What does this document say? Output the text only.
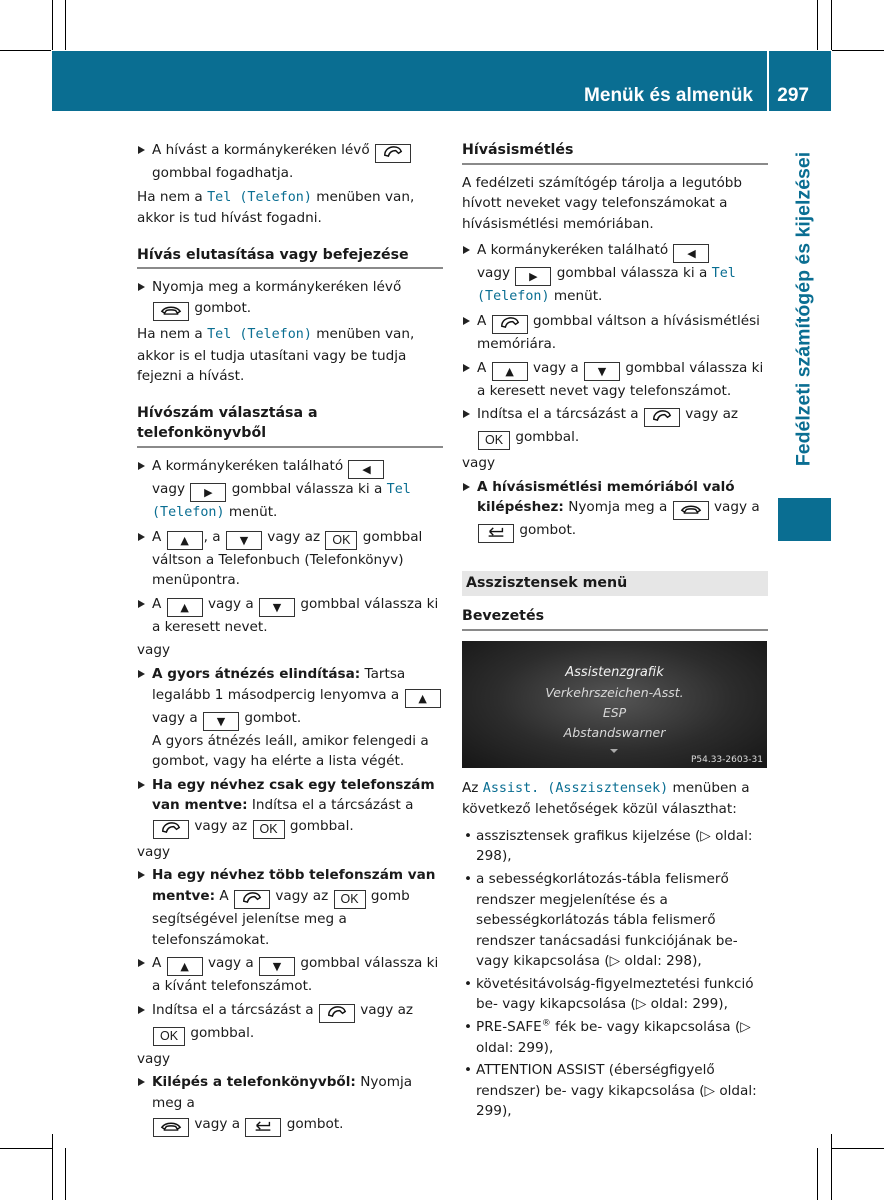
Menük és almenük 297
Fedélzeti számítógép és kijelzései

A hívást a kormánykeréken lévő  gombbal fogadhatja.

Ha nem a Tel (Telefon) menüben van, akkor is tud hívást fogadni.

Hívás elutasítása vagy befejezése

Nyomja meg a kormánykeréken lévő  gombot.

Ha nem a Tel (Telefon) menüben van, akkor is el tudja utasítani vagy be tudja fejezni a hívást.

Hívószám választása a telefonkönyvből

A kormánykeréken található ◀
vagy ▶ gombbal válassza ki a Tel (Telefon) menüt.

A ▲ , a ▼ vagy az OK gombbal váltson a Telefonbuch (Telefonkönyv) menüpontra.

A ▲ vagy a ▼ gombbal válassza ki a keresett nevet.

vagy

A gyors átnézés elindítása: Tartsa legalább 1 másodpercig lenyomva a ▲ vagy a ▼ gombot.
A gyors átnézés leáll, amikor felengedi a gombot, vagy ha elérte a lista végét.

Ha egy névhez csak egy telefonszám van mentve: Indítsa el a tárcsázást a  vagy az OK gombbal.

vagy

Ha egy névhez több telefonszám van mentve: A	vagy az OK gomb segítségével jelenítse meg a telefonszámokat.

A ▲ vagy a ▼ gombbal válassza ki a kívánt telefonszámot.

Indítsa el a tárcsázást a	vagy az
OK gombbal.

vagy

Kilépés a telefonkönyvből: Nyomja meg a
vagy a	gombot.

Hívásismétlés

A fedélzeti számítógép tárolja a legutóbb hívott neveket vagy telefonszámokat a hívásismétlési memóriában.

A kormánykeréken található ◀
vagy ▶ gombbal válassza ki a Tel (Telefon) menüt.

A	gombbal váltson a hívásismétlési memóriára.

A ▲ vagy a ▼ gombbal válassza ki a keresett nevet vagy telefonszámot.

Indítsa el a tárcsázást a	vagy az
OK gombbal.

vagy

A hívásismétlési memóriából való kilépéshez: Nyomja meg a	vagy a  gombot.

Asszisztensek menü
Bevezetés
Assistenzgrafik
Verkehrszeichen-Asst.
ESP
Abstandswarner
P54.33-2603-31

Az Assist. (Asszisztensek) menüben a következő lehetőségek közül választhat:

• asszisztensek grafikus kijelzése (▷ oldal: 298),

• a sebességkorlátozás-tábla felismerő rendszer megjelenítése és a sebességkorlátozás tábla felismerő rendszer tanácsadási funkciójának be- vagy kikapcsolása (▷ oldal: 298),

• követésitávolság-figyelmeztetési funkció be- vagy kikapcsolása (▷ oldal: 299),

• PRE-SAFE® fék be- vagy kikapcsolása (▷ oldal: 299),

• ATTENTION ASSIST (éberségfigyelő rendszer) be- vagy kikapcsolása (▷ oldal: 299),
